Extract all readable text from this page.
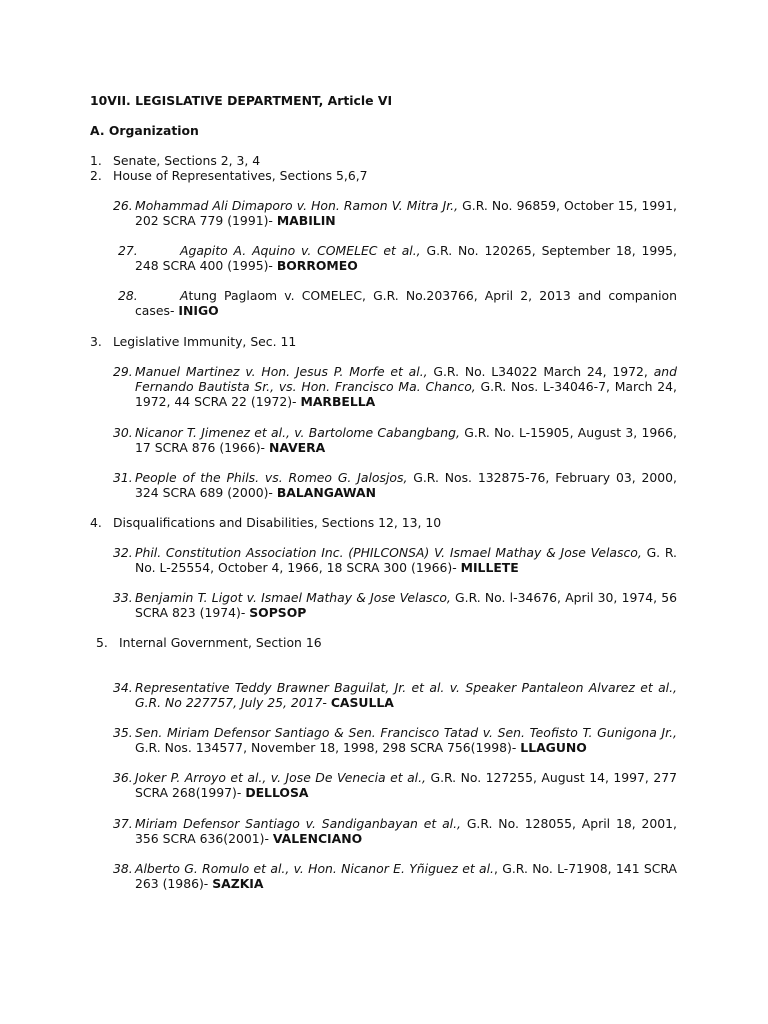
10VII. LEGISLATIVE DEPARTMENT, Article VI
A. Organization
1. Senate, Sections 2, 3, 4
2. House of Representatives, Sections 5,6,7
26. Mohammad Ali Dimaporo v. Hon. Ramon V. Mitra Jr., G.R. No. 96859, October 15, 1991, 202 SCRA 779 (1991)- MABILIN
27.	Agapito A. Aquino v. COMELEC et al., G.R. No. 120265, September 18, 1995, 248 SCRA 400 (1995)- BORROMEO
28.	Atung Paglaom v. COMELEC, G.R. No.203766, April 2, 2013 and companion cases- INIGO
3. Legislative Immunity, Sec. 11
29. Manuel Martinez v. Hon. Jesus P. Morfe et al., G.R. No. L34022 March 24, 1972, and Fernando Bautista Sr., vs. Hon. Francisco Ma. Chanco, G.R. Nos. L-34046-7, March 24, 1972, 44 SCRA 22 (1972)- MARBELLA
30. Nicanor T. Jimenez et al., v. Bartolome Cabangbang, G.R. No. L-15905, August 3, 1966, 17 SCRA 876 (1966)- NAVERA
31. People of the Phils. vs. Romeo G. Jalosjos, G.R. Nos. 132875-76, February 03, 2000, 324 SCRA 689 (2000)- BALANGAWAN
4. Disqualifications and Disabilities, Sections 12, 13, 10
32. Phil. Constitution Association Inc. (PHILCONSA) V. Ismael Mathay & Jose Velasco, G. R. No. L-25554, October 4, 1966, 18 SCRA 300 (1966)- MILLETE
33. Benjamin T. Ligot v. Ismael Mathay & Jose Velasco, G.R. No. l-34676, April 30, 1974, 56 SCRA 823 (1974)- SOPSOP
5. Internal Government, Section 16
34. Representative Teddy Brawner Baguilat, Jr. et al. v. Speaker Pantaleon Alvarez et al., G.R. No 227757, July 25, 2017- CASULLA
35. Sen. Miriam Defensor Santiago & Sen. Francisco Tatad v. Sen. Teofisto T. Gunigona Jr., G.R. Nos. 134577, November 18, 1998, 298 SCRA 756(1998)- LLAGUNO
36. Joker P. Arroyo et al., v. Jose De Venecia et al., G.R. No. 127255, August 14, 1997, 277 SCRA 268(1997)- DELLOSA
37. Miriam Defensor Santiago v. Sandiganbayan et al., G.R. No. 128055, April 18, 2001, 356 SCRA 636(2001)- VALENCIANO
38. Alberto G. Romulo et al., v. Hon. Nicanor E. Yñiguez et al., G.R. No. L-71908, 141 SCRA 263 (1986)- SAZKIA
